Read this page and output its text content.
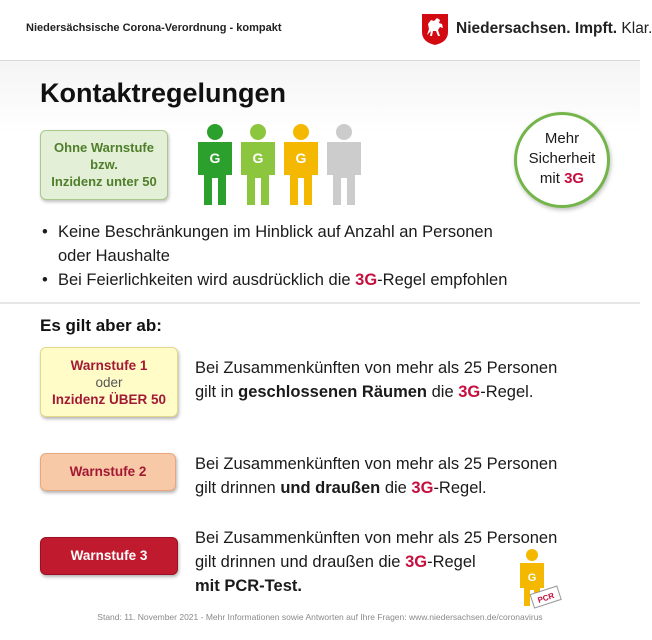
Niedersächsische Corona-Verordnung - kompakt	Niedersachsen. Impft. Klar.
Kontaktregelungen
Ohne Warnstufe
bzw.
Inzidenz unter 50
G G G
Mehr
Sicherheit
mit 3G
• Keine Beschränkungen im Hinblick auf Anzahl an Personen
oder Haushalte
• Bei Feierlichkeiten wird ausdrücklich die 3G-Regel empfohlen
Es gilt aber ab:
Warnstufe 1
oder
Inzidenz ÜBER 50
Bei Zusammenkünften von mehr als 25 Personen
gilt in geschlossenen Räumen die 3G-Regel.
Warnstufe 2	Bei Zusammenkünften von mehr als 25 Personen
gilt drinnen und draußen die 3G-Regel.
Warnstufe 3
Bei Zusammenkünften von mehr als 25 Personen
gilt drinnen und draußen die 3G-Regel
mit PCR-Test.	G
PCR
Stand: 11. November 2021 - Mehr Informationen sowie Antworten auf Ihre Fragen: www.niedersachsen.de/coronavirus
